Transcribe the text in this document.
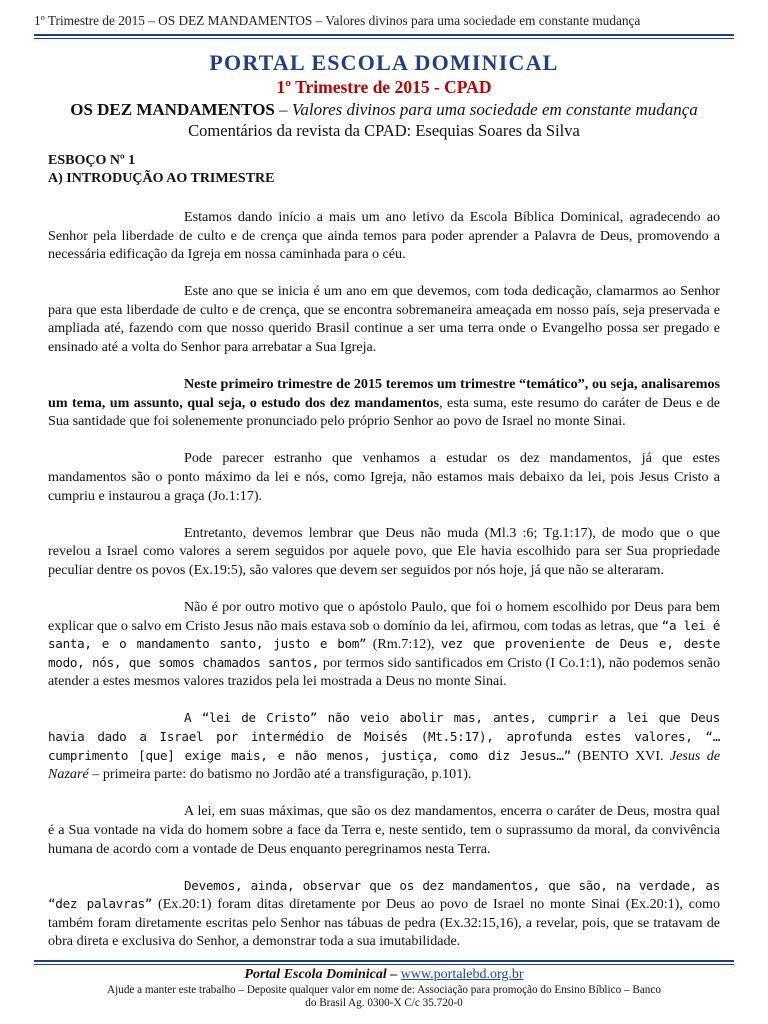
1º Trimestre de 2015 – OS DEZ MANDAMENTOS – Valores divinos para uma sociedade em constante mudança
PORTAL ESCOLA DOMINICAL
1º Trimestre de 2015 - CPAD
OS DEZ MANDAMENTOS – Valores divinos para uma sociedade em constante mudança
Comentários da revista da CPAD: Esequias Soares da Silva

ESBOÇO Nº 1

A) INTRODUÇÃO AO TRIMESTRE

Estamos dando início a mais um ano letivo da Escola Bíblica Dominical, agradecendo ao Senhor pela liberdade de culto e de crença que ainda temos para poder aprender a Palavra de Deus, promovendo a necessária edificação da Igreja em nossa caminhada para o céu.

Este ano que se inicia é um ano em que devemos, com toda dedicação, clamarmos ao Senhor para que esta liberdade de culto e de crença, que se encontra sobremaneira ameaçada em nosso país, seja preservada e ampliada até, fazendo com que nosso querido Brasil continue a ser uma terra onde o Evangelho possa ser pregado e ensinado até a volta do Senhor para arrebatar a Sua Igreja.

Neste primeiro trimestre de 2015 teremos um trimestre “temático”, ou seja, analisaremos um tema, um assunto, qual seja, o estudo dos dez mandamentos, esta suma, este resumo do caráter de Deus e de Sua santidade que foi solenemente pronunciado pelo próprio Senhor ao povo de Israel no monte Sinai.

Pode parecer estranho que venhamos a estudar os dez mandamentos, já que estes mandamentos são o ponto máximo da lei e nós, como Igreja, não estamos mais debaixo da lei, pois Jesus Cristo a cumpriu e instaurou a graça (Jo.1:17).

Entretanto, devemos lembrar que Deus não muda (Ml.3 :6; Tg.1:17), de modo que o que revelou a Israel como valores a serem seguidos por aquele povo, que Ele havia escolhido para ser Sua propriedade peculiar dentre os povos (Ex.19:5), são valores que devem ser seguidos por nós hoje, já que não se alteraram.

Não é por outro motivo que o apóstolo Paulo, que foi o homem escolhido por Deus para bem explicar que o salvo em Cristo Jesus não mais estava sob o domínio da lei, afirmou, com todas as letras, que “a lei é santa, e o mandamento santo, justo e bom” (Rm.7:12), vez que proveniente de Deus e, deste modo, nós, que somos chamados santos, por termos sido santificados em Cristo (I Co.1:1), não podemos senão atender a estes mesmos valores trazidos pela lei mostrada a Deus no monte Sinai.

A “lei de Cristo” não veio abolir mas, antes, cumprir a lei que Deus havia dado a Israel por intermédio de Moisés (Mt.5:17), aprofunda estes valores, “…cumprimento [que] exige mais, e não menos, justiça, como diz Jesus…” (BENTO XVI. Jesus de Nazaré – primeira parte: do batismo no Jordão até a transfiguração, p.101).

A lei, em suas máximas, que são os dez mandamentos, encerra o caráter de Deus, mostra qual é a Sua vontade na vida do homem sobre a face da Terra e, neste sentido, tem o suprassumo da moral, da convivência humana de acordo com a vontade de Deus enquanto peregrinamos nesta Terra.

Devemos, ainda, observar que os dez mandamentos, que são, na verdade, as “dez palavras” (Ex.20:1) foram ditas diretamente por Deus ao povo de Israel no monte Sinai (Ex.20:1), como também foram diretamente escritas pelo Senhor nas tábuas de pedra (Ex.32:15,16), a revelar, pois, que se tratavam de obra direta e exclusiva do Senhor, a demonstrar toda a sua imutabilidade.

Portal Escola Dominical – www.portalebd.org.br
Ajude a manter este trabalho – Deposite qualquer valor em nome de: Associação para promoção do Ensino Bíblico – Banco
do Brasil Ag. 0300-X C/c 35.720-0
